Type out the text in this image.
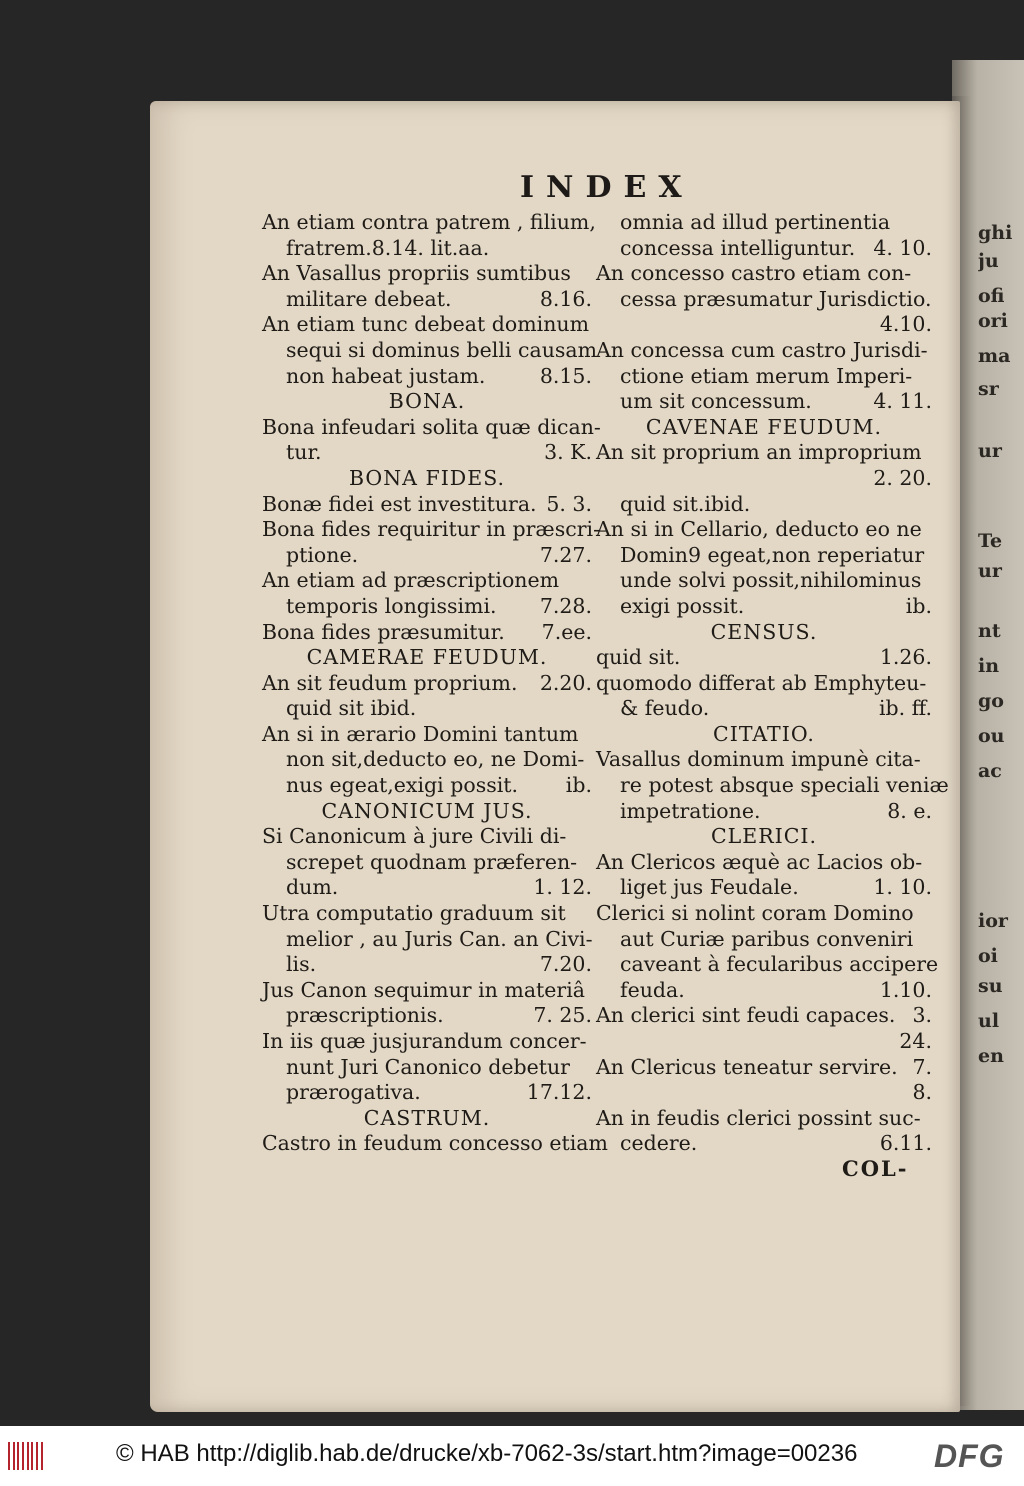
ghi
ju
ofi
ori
ma
sr
ur
Te
ur
nt
in
go
ou
ac
ior
oi
su
ul
en
INDEX
An etiam contra patrem , filium,
fratrem.8.14. lit.aa.
An Vasallus propriis sumtibus
militare debeat.	8.16.
An etiam tunc debeat dominum
sequi si dominus belli causam
non habeat justam.	8.15.
BONA.
Bona infeudari solita quæ dican-
tur.	3. K.
BONA FIDES.
Bonæ fidei est investitura. 5. 3.
Bona fides requiritur in præscri-
ptione.	7.27.
An etiam ad præscriptionem
temporis longissimi. 7.28.
Bona fides præsumitur. 7.ee.
CAMERAE FEUDUM.
An sit feudum proprium. 2.20.
quid sit ibid.
An si in ærario Domini tantum
non sit,deducto eo, ne Domi-
nus egeat,exigi possit. ib.
CANONICUM JUS.
Si Canonicum à jure Civili di-
screpet quodnam præferen-
dum.	1. 12.
Utra computatio graduum sit
melior , au Juris Can. an Civi-
lis.	7.20.
Jus Canon sequimur in materiâ
præscriptionis.	7. 25.
In iis quæ jusjurandum concer-
nunt Juri Canonico debetur
prærogativa.	17.12.
CASTRUM.
Castro in feudum concesso etiam
omnia ad illud pertinentia
concessa intelliguntur. 4. 10.
An concesso castro etiam con-
cessa præsumatur Jurisdictio.
4.10.
An concessa cum castro Jurisdi-
ctione etiam merum Imperi-
um sit concessum.	4. 11.
CAVENAE FEUDUM.
An sit proprium an improprium
2. 20.
quid sit.ibid.
An si in Cellario, deducto eo ne
Domin9 egeat,non reperiatur
unde solvi possit,nihilominus
exigi possit.	ib.
CENSUS.
quid sit.	1.26.
quomodo differat ab Emphyteu-
& feudo.	ib. ff.
CITATIO.
Vasallus dominum impunè cita-
re potest absque speciali veniæ
impetratione.	8. e.
CLERICI.
An Clericos æquè ac Lacios ob-
liget jus Feudale.	1. 10.
Clerici si nolint coram Domino
aut Curiæ paribus conveniri
caveant à fecularibus accipere
feuda.	1.10.
An clerici sint feudi capaces. 3.
24.
An Clericus teneatur servire. 7.
8.
An in feudis clerici possint suc-
cedere.	6.11.
COL-
© HAB http://diglib.hab.de/drucke/xb-7062-3s/start.htm?image=00236 DFG
